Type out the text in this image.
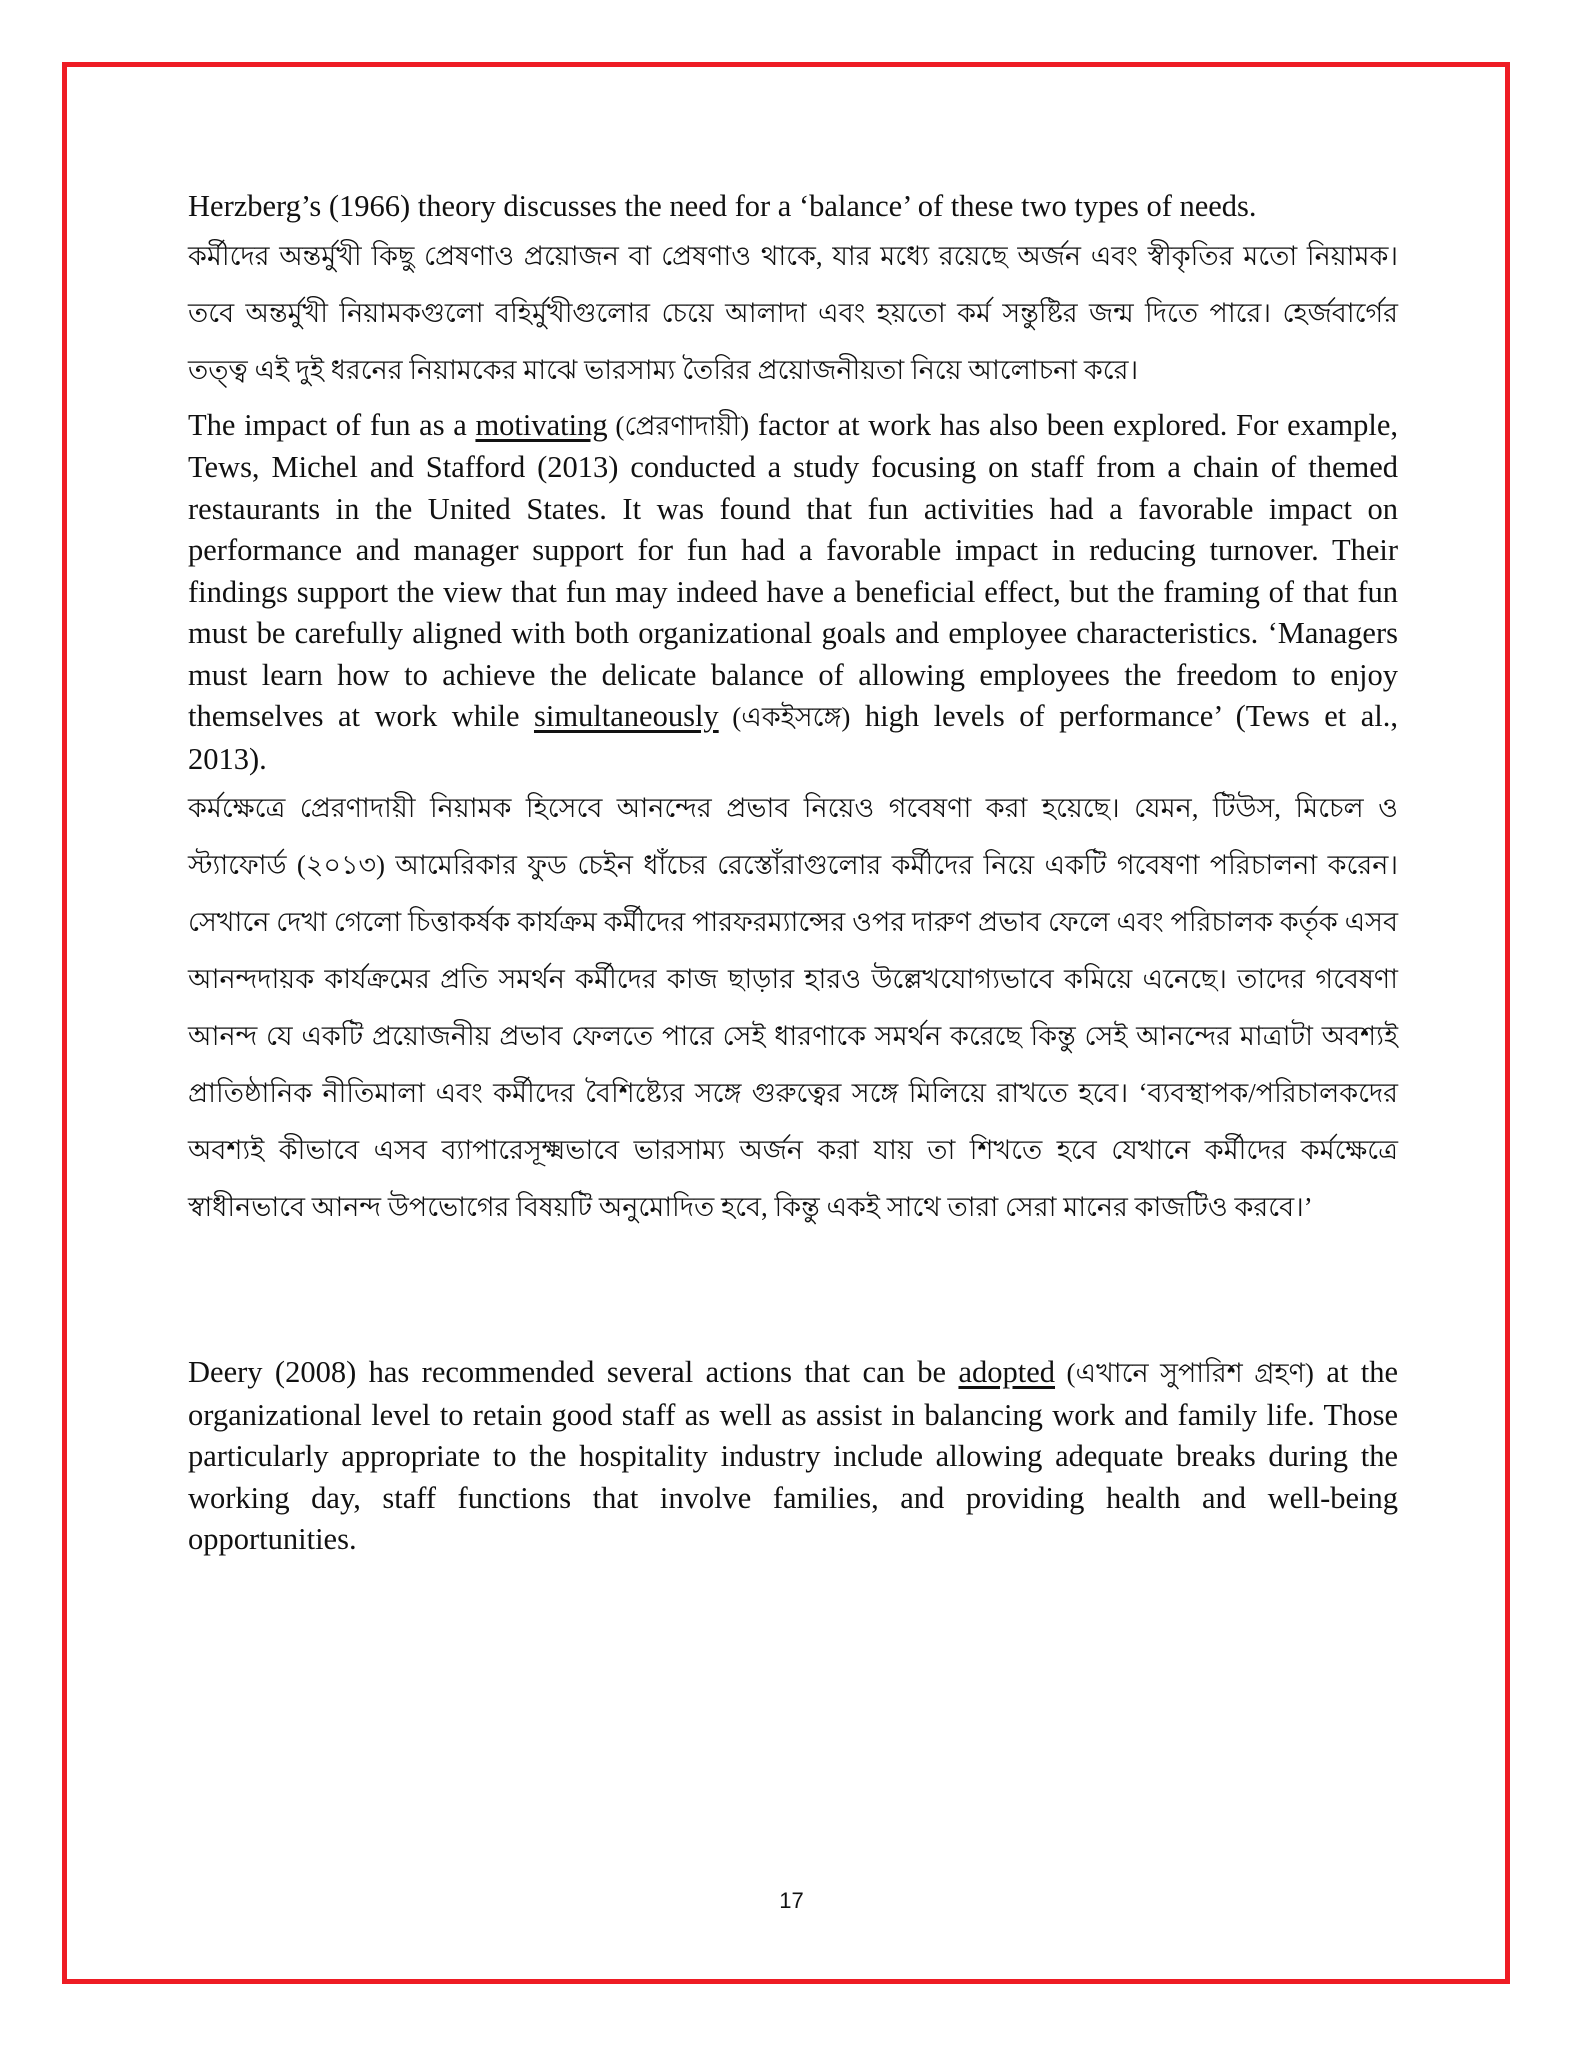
Herzberg’s (1966) theory discusses the need for a ‘balance’ of these two types of needs.

কর্মীদের অন্তর্মুখী কিছু প্রেষণাও প্রয়োজন বা প্রেষণাও থাকে, যার মধ্যে রয়েছে অর্জন এবং স্বীকৃতির মতো নিয়ামক। তবে অন্তর্মুখী নিয়ামকগুলো বহির্মুখীগুলোর চেয়ে আলাদা এবং হয়তো কর্ম সন্তুষ্টির জন্ম দিতে পারে। হের্জবার্গের তত্ত্ব এই দুই ধরনের নিয়ামকের মাঝে ভারসাম্য তৈরির প্রয়োজনীয়তা নিয়ে আলোচনা করে।

The impact of fun as a motivating (প্রেরণাদায়ী) factor at work has also been explored. For example, Tews, Michel and Stafford (2013) conducted a study focusing on staff from a chain of themed restaurants in the United States. It was found that fun activities had a favorable impact on performance and manager support for fun had a favorable impact in reducing turnover. Their findings support the view that fun may indeed have a beneficial effect, but the framing of that fun must be carefully aligned with both organizational goals and employee characteristics. ‘Managers must learn how to achieve the delicate balance of allowing employees the freedom to enjoy themselves at work while simultaneously (একইসঙ্গে) high levels of performance’ (Tews et al., 2013).

কর্মক্ষেত্রে প্রেরণাদায়ী নিয়ামক হিসেবে আনন্দের প্রভাব নিয়েও গবেষণা করা হয়েছে। যেমন, টিউস, মিচেল ও স্ট্যাফোর্ড (২০১৩) আমেরিকার ফুড চেইন ধাঁচের রেস্তোঁরাগুলোর কর্মীদের নিয়ে একটি গবেষণা পরিচালনা করেন। সেখানে দেখা গেলো চিত্তাকর্ষক কার্যক্রম কর্মীদের পারফরম্যান্সের ওপর দারুণ প্রভাব ফেলে এবং পরিচালক কর্তৃক এসব আনন্দদায়ক কার্যক্রমের প্রতি সমর্থন কর্মীদের কাজ ছাড়ার হারও উল্লেখযোগ্যভাবে কমিয়ে এনেছে। তাদের গবেষণা আনন্দ যে একটি প্রয়োজনীয় প্রভাব ফেলতে পারে সেই ধারণাকে সমর্থন করেছে কিন্তু সেই আনন্দের মাত্রাটা অবশ্যই প্রাতিষ্ঠানিক নীতিমালা এবং কর্মীদের বৈশিষ্ট্যের সঙ্গে গুরুত্বের সঙ্গে মিলিয়ে রাখতে হবে। ‘ব্যবস্থাপক/পরিচালকদের অবশ্যই কীভাবে এসব ব্যাপারেসূক্ষ্মভাবে ভারসাম্য অর্জন করা যায় তা শিখতে হবে যেখানে কর্মীদের কর্মক্ষেত্রে স্বাধীনভাবে আনন্দ উপভোগের বিষয়টি অনুমোদিত হবে, কিন্তু একই সাথে তারা সেরা মানের কাজটিও করবে।’

Deery (2008) has recommended several actions that can be adopted (এখানে সুপারিশ গ্রহণ) at the organizational level to retain good staff as well as assist in balancing work and family life. Those particularly appropriate to the hospitality industry include allowing adequate breaks during the working day, staff functions that involve families, and providing health and well-being opportunities.

17
